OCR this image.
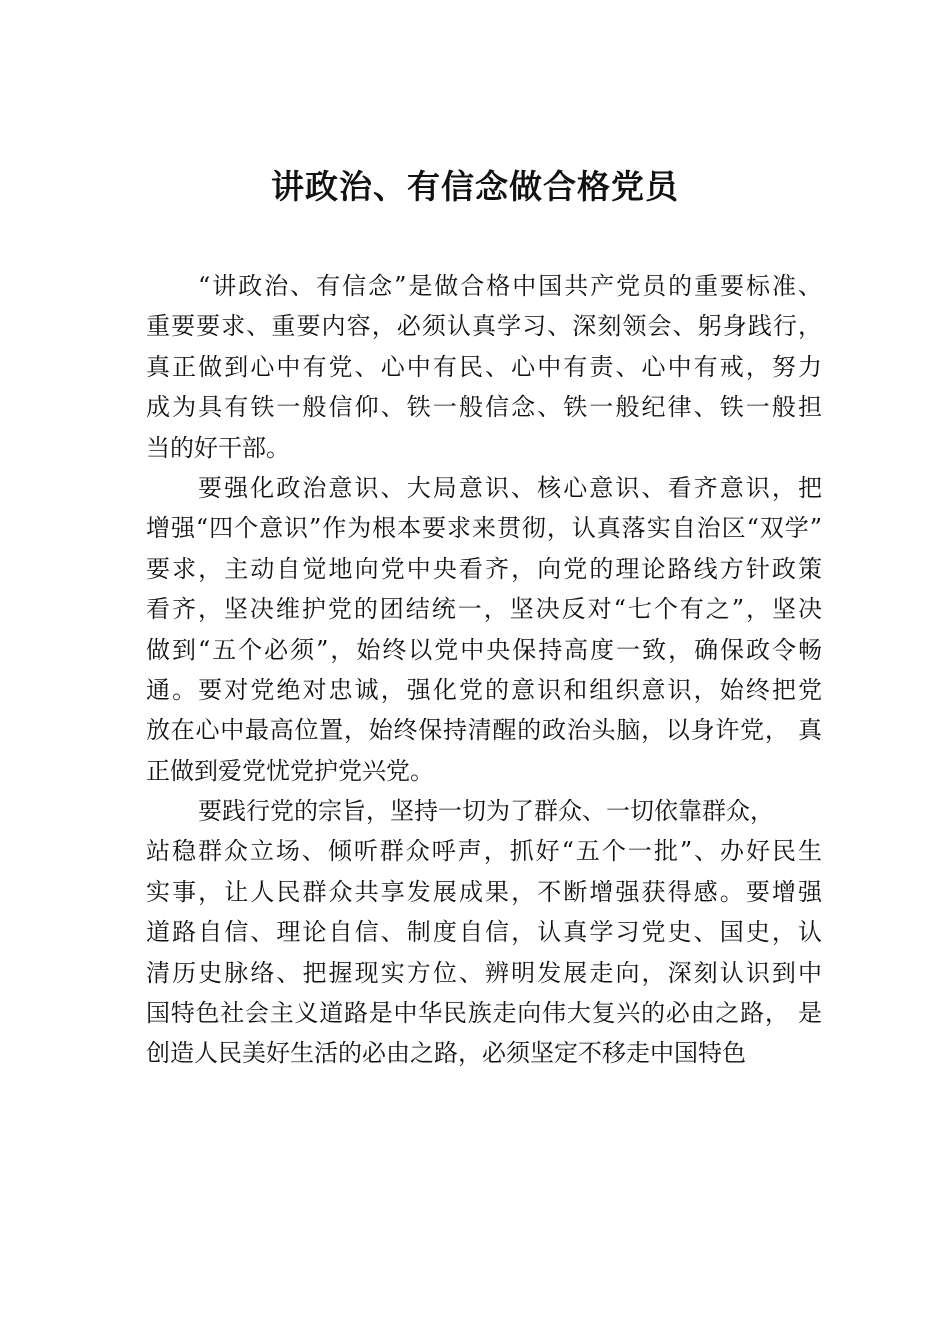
讲政治、有信念做合格党员
“讲政治、有信念”是做合格中国共产党员的重要标准、
重要要求、重要内容，必须认真学习、深刻领会、躬身践行，
真正做到心中有党、心中有民、心中有责、心中有戒，努力
成为具有铁一般信仰、铁一般信念、铁一般纪律、铁一般担
当的好干部。
要强化政治意识、大局意识、核心意识、看齐意识，把
增强“四个意识”作为根本要求来贯彻，认真落实自治区“双学”
要求，主动自觉地向党中央看齐，向党的理论路线方针政策
看齐，坚决维护党的团结统一，坚决反对“七个有之”，坚决
做到“五个必须”，始终以党中央保持高度一致，确保政令畅
通。要对党绝对忠诚，强化党的意识和组织意识，始终把党
放在心中最高位置，始终保持清醒的政治头脑，以身许党， 真
正做到爱党忧党护党兴党。
要践行党的宗旨，坚持一切为了群众、一切依靠群众，
站稳群众立场、倾听群众呼声，抓好“五个一批”、办好民生
实事，让人民群众共享发展成果，不断增强获得感。要增强
道路自信、理论自信、制度自信，认真学习党史、国史，认
清历史脉络、把握现实方位、辨明发展走向，深刻认识到中
国特色社会主义道路是中华民族走向伟大复兴的必由之路， 是
创造人民美好生活的必由之路，必须坚定不移走中国特色
